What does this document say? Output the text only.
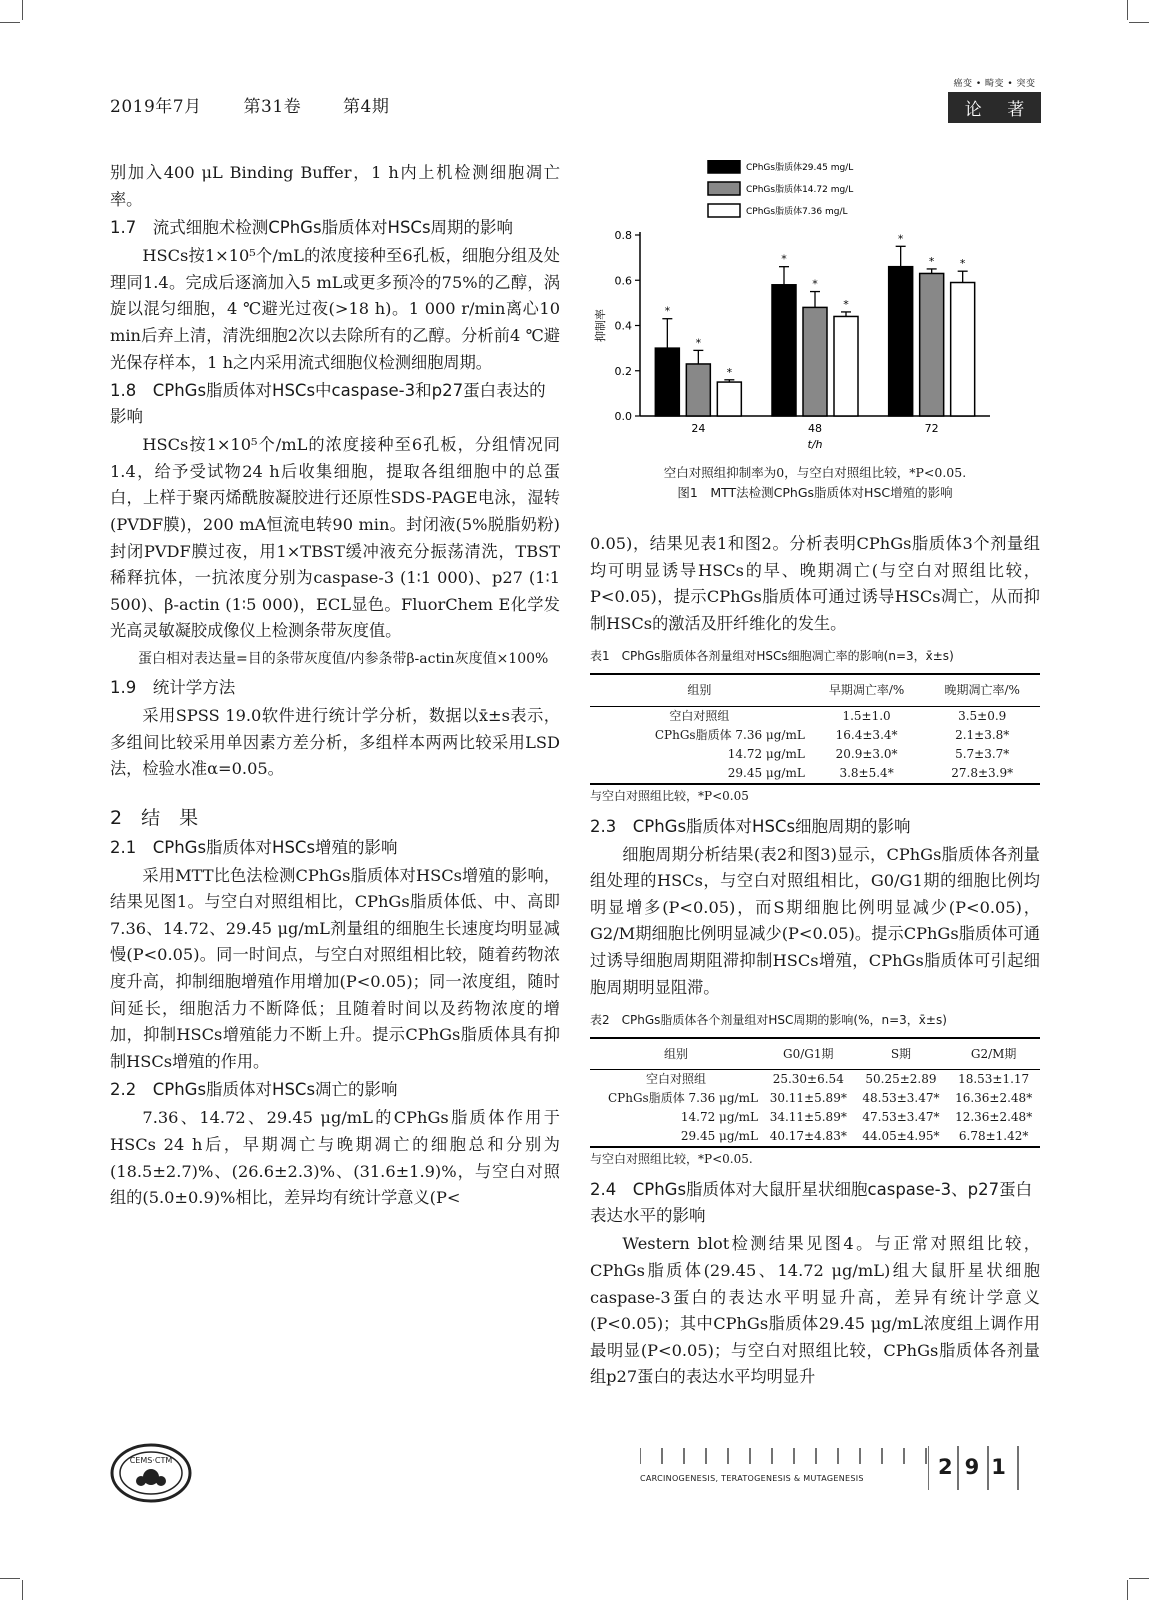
2019年7月 第31卷 第4期
癌变 • 畸变 • 突变
论 著

别加入400 μL Binding Buffer，1 h内上机检测细胞凋亡率。

1.7　流式细胞术检测CPhGs脂质体对HSCs周期的影响

HSCs按1×10⁵个/mL的浓度接种至6孔板，细胞分组及处理同1.4。完成后逐滴加入5 mL或更多预冷的75%的乙醇，涡旋以混匀细胞，4 ℃避光过夜(>18 h)。1 000 r/min离心10 min后弃上清，清洗细胞2次以去除所有的乙醇。分析前4 ℃避光保存样本，1 h之内采用流式细胞仪检测细胞周期。

1.8　CPhGs脂质体对HSCs中caspase-3和p27蛋白表达的影响

HSCs按1×10⁵个/mL的浓度接种至6孔板，分组情况同1.4，给予受试物24 h后收集细胞，提取各组细胞中的总蛋白，上样于聚丙烯酰胺凝胶进行还原性SDS-PAGE电泳，湿转(PVDF膜)，200 mA恒流电转90 min。封闭液(5%脱脂奶粉)封闭PVDF膜过夜，用1×TBST缓冲液充分振荡清洗，TBST稀释抗体，一抗浓度分别为caspase-3 (1∶1 000)、p27 (1∶1 500)、β-actin (1∶5 000)，ECL显色。FluorChem E化学发光高灵敏凝胶成像仪上检测条带灰度值。

蛋白相对表达量=目的条带灰度值/内参条带β-actin灰度值×100%

1.9　统计学方法

采用SPSS 19.0软件进行统计学分析，数据以x̄±s表示，多组间比较采用单因素方差分析，多组样本两两比较采用LSD法，检验水准α=0.05。

2　结　果
2.1　CPhGs脂质体对HSCs增殖的影响

采用MTT比色法检测CPhGs脂质体对HSCs增殖的影响，结果见图1。与空白对照组相比，CPhGs脂质体低、中、高即7.36、14.72、29.45 μg/mL剂量组的细胞生长速度均明显减慢(P<0.05)。同一时间点，与空白对照组相比较，随着药物浓度升高，抑制细胞增殖作用增加(P<0.05)；同一浓度组，随时间延长，细胞活力不断降低；且随着时间以及药物浓度的增加，抑制HSCs增殖能力不断上升。提示CPhGs脂质体具有抑制HSCs增殖的作用。

2.2　CPhGs脂质体对HSCs凋亡的影响

7.36、14.72、29.45 μg/mL的CPhGs脂质体作用于HSCs 24 h后，早期凋亡与晚期凋亡的细胞总和分别为(18.5±2.7)%、(26.6±2.3)%、(31.6±1.9)%，与空白对照组的(5.0±0.9)%相比，差异均有统计学意义(P<

CPhGs脂质体29.45 mg/L
CPhGs脂质体14.72 mg/L
CPhGs脂质体7.36 mg/L
0.0
0.2
0.4
0.6
0.8
抑制率	*
*
*
24
*
*
*
48
*
* *
72
t/h
空白对照组抑制率为0，与空白对照组比较，*P<0.05.
图1　MTT法检测CPhGs脂质体对HSC增殖的影响

0.05)，结果见表1和图2。分析表明CPhGs脂质体3个剂量组均可明显诱导HSCs的早、晚期凋亡(与空白对照组比较，P<0.05)，提示CPhGs脂质体可通过诱导HSCs凋亡，从而抑制HSCs的激活及肝纤维化的发生。

表1　CPhGs脂质体各剂量组对HSCs细胞凋亡率的影响(n=3，x̄±s)
组别	早期凋亡率/%	晚期凋亡率/%
空白对照组	1.5±1.0	3.5±0.9
CPhGs脂质体 7.36 μg/mL	16.4±3.4*	2.1±3.8*
14.72 μg/mL	20.9±3.0*	5.7±3.7*
29.45 μg/mL	3.8±5.4*	27.8±3.9*
与空白对照组比较，*P<0.05
2.3　CPhGs脂质体对HSCs细胞周期的影响

细胞周期分析结果(表2和图3)显示，CPhGs脂质体各剂量组处理的HSCs，与空白对照组相比，G0/G1期的细胞比例均明显增多(P<0.05)，而S期细胞比例明显减少(P<0.05)，G2/M期细胞比例明显减少(P<0.05)。提示CPhGs脂质体可通过诱导细胞周期阻滞抑制HSCs增殖，CPhGs脂质体可引起细胞周期明显阻滞。

表2　CPhGs脂质体各个剂量组对HSC周期的影响(%，n=3，x̄±s)
组别	G0/G1期	S期	G2/M期
空白对照组	25.30±6.54	50.25±2.89	18.53±1.17
CPhGs脂质体 7.36 μg/mL	30.11±5.89*	48.53±3.47*	16.36±2.48*
14.72 μg/mL	34.11±5.89*	47.53±3.47*	12.36±2.48*
29.45 μg/mL	40.17±4.83*	44.05±4.95*	6.78±1.42*
与空白对照组比较，*P<0.05.
2.4　CPhGs脂质体对大鼠肝星状细胞caspase-3、p27蛋白表达水平的影响

Western blot检测结果见图4。与正常对照组比较，CPhGs脂质体(29.45、14.72 μg/mL)组大鼠肝星状细胞caspase-3蛋白的表达水平明显升高，差异有统计学意义(P<0.05)；其中CPhGs脂质体29.45 μg/mL浓度组上调作用最明显(P<0.05)；与空白对照组比较，CPhGs脂质体各剂量组p27蛋白的表达水平均明显升

CEMS·CTM
CARCINOGENESIS, TERATOGENESIS & MUTAGENESIS	291
